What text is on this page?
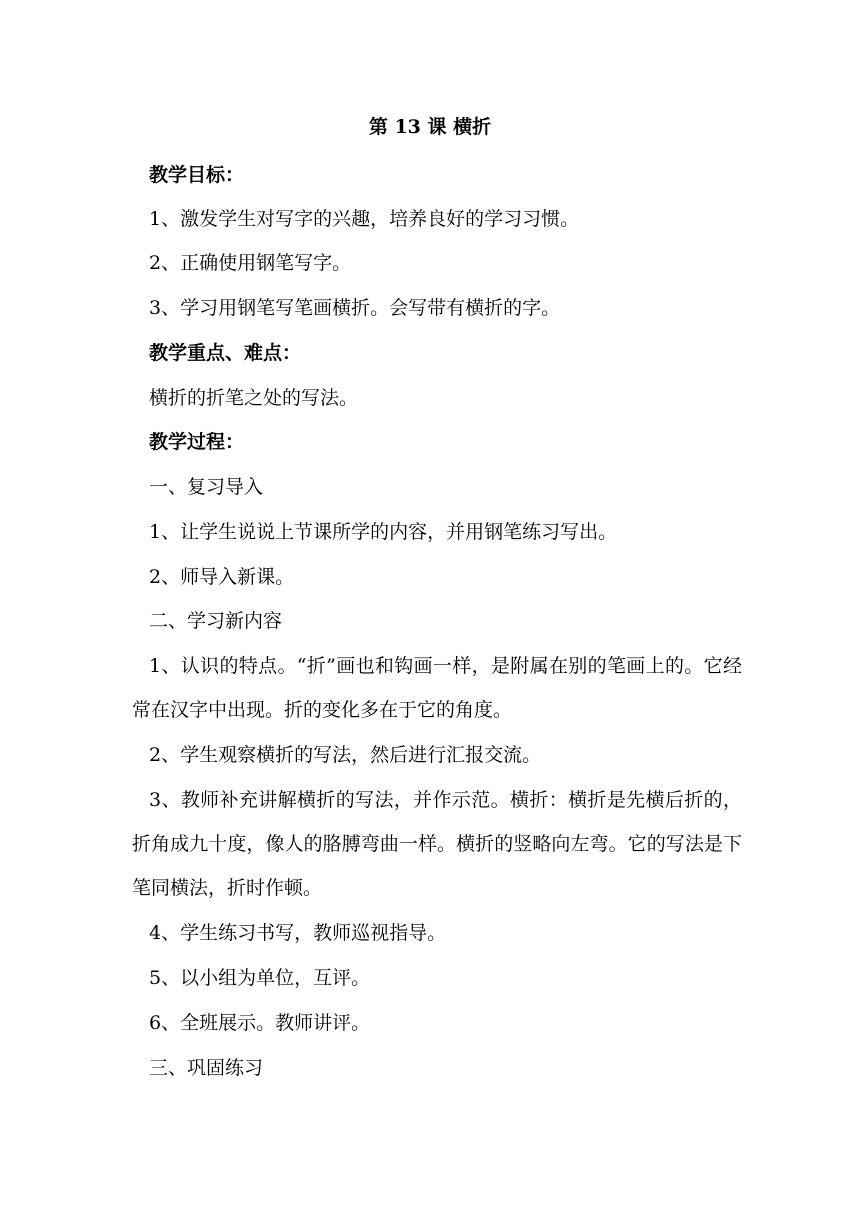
第 13 课 横折
教学目标：
1、激发学生对写字的兴趣，培养良好的学习习惯。
2、正确使用钢笔写字。
3、学习用钢笔写笔画横折。会写带有横折的字。
教学重点、难点：
横折的折笔之处的写法。
教学过程：
一、复习导入
1、让学生说说上节课所学的内容，并用钢笔练习写出。
2、师导入新课。
二、学习新内容
1、认识的特点。“折”画也和钩画一样，是附属在别的笔画上的。它经常在汉字中出现。折的变化多在于它的角度。
2、学生观察横折的写法，然后进行汇报交流。
3、教师补充讲解横折的写法，并作示范。横折：横折是先横后折的，折角成九十度，像人的胳膊弯曲一样。横折的竖略向左弯。它的写法是下笔同横法，折时作顿。
4、学生练习书写，教师巡视指导。
5、以小组为单位，互评。
6、全班展示。教师讲评。
三、巩固练习
